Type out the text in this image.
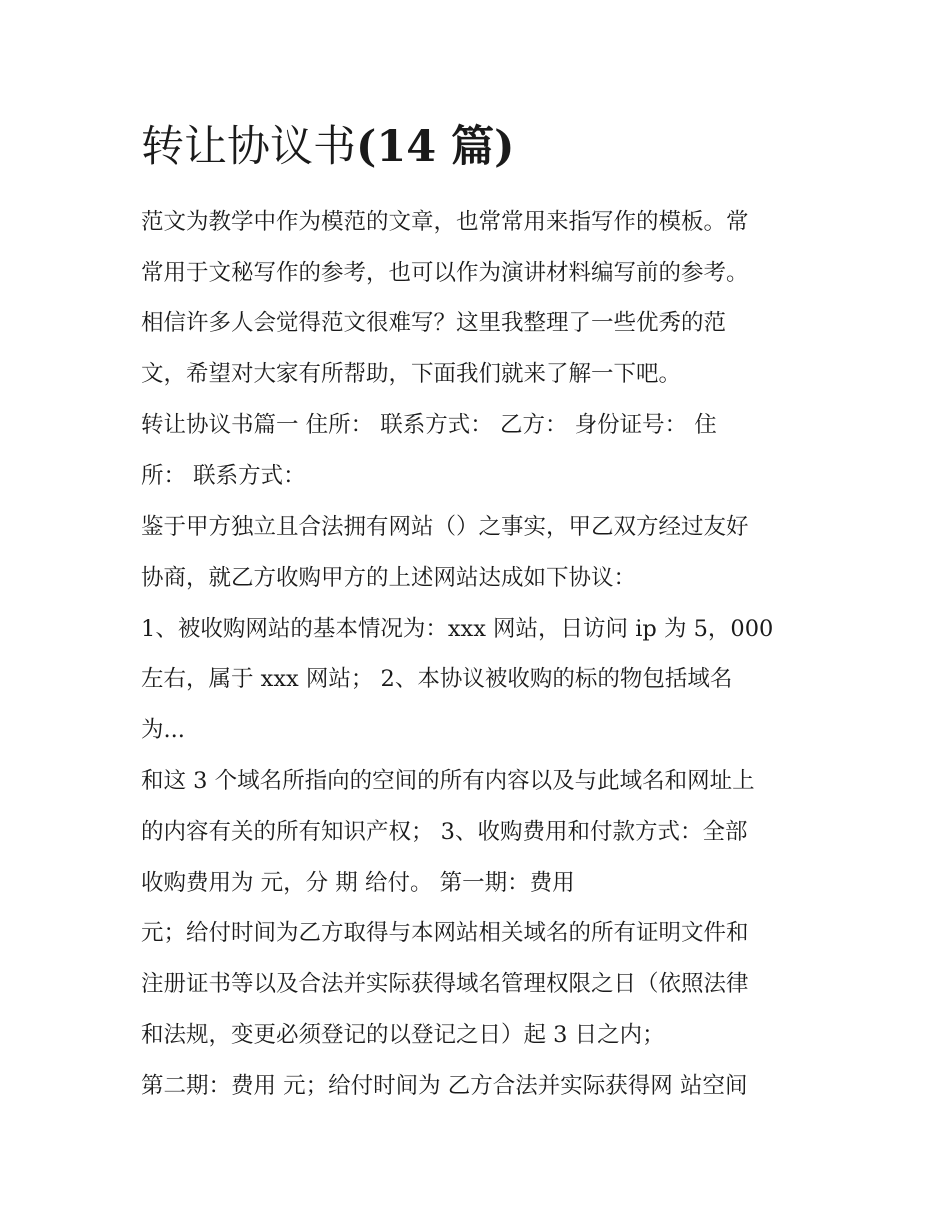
转让协议书(14 篇)

范文为教学中作为模范的文章，也常常用来指写作的模板。常

常用于文秘写作的参考，也可以作为演讲材料编写前的参考。

相信许多人会觉得范文很难写？这里我整理了一些优秀的范

文，希望对大家有所帮助，下面我们就来了解一下吧。

转让协议书篇一 住所： 联系方式： 乙方： 身份证号： 住

所： 联系方式：

鉴于甲方独立且合法拥有网站（）之事实，甲乙双方经过友好

协商，就乙方收购甲方的上述网站达成如下协议：

1、被收购网站的基本情况为：xxx 网站，日访问 ip 为 5，000

左右，属于 xxx 网站； 2、本协议被收购的标的物包括域名

为...

和这 3 个域名所指向的空间的所有内容以及与此域名和网址上

的内容有关的所有知识产权； 3、收购费用和付款方式：全部

收购费用为 元，分 期 给付。 第一期：费用

元；给付时间为乙方取得与本网站相关域名的所有证明文件和

注册证书等以及合法并实际获得域名管理权限之日（依照法律

和法规，变更必须登记的以登记之日）起 3 日之内；

第二期：费用 元；给付时间为 乙方合法并实际获得网 站空间
